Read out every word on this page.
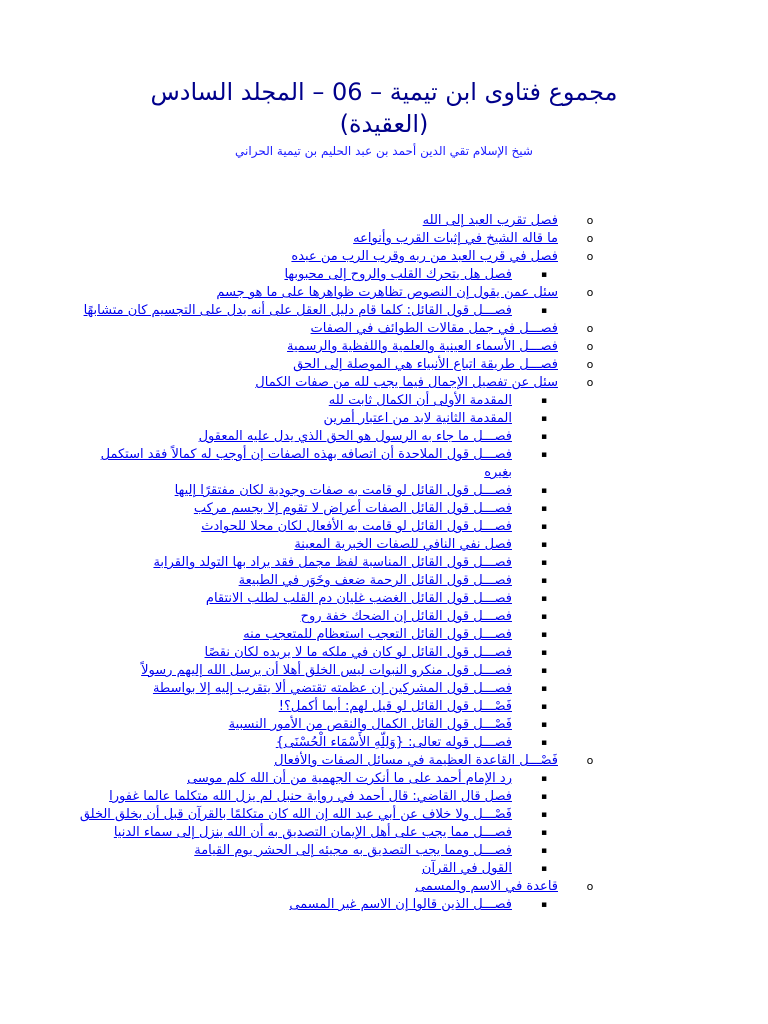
مجموع فتاوى ابن تيمية – 06 – المجلد السادس
(العقيدة)
شيخ الإسلام تقي الدين أحمد بن عبد الحليم بن تيمية الحراني
o فصل تقرب العبد إلى الله
o ما قاله الشيخ في إثبات القرب وأنواعه
o فصل في قرب العبد من ربه وقرب الرب من عبده
▪ فصل هل يتحرك القلب والروح إلى محبوبها
o سئل عمن يقول إن النصوص تظاهرت ظواهرها على ما هو جسم
▪ فصـــل قول القائل: كلما قام دليل العقل على أنه يدل على التجسيم كان متشابهًا
o فصـــل في جمل مقالات الطوائف في الصفات
o فصـــل الأسماء العينية والعلمية واللفظية والرسمية
o فصـــل طريقة اتباع الأنبياء هي الموصلة إلى الحق
o سئل عن تفصيل الإجمال فيما يجب لله من صفات الكمال
▪ المقدمة الأولى أن الكمال ثابت لله
▪ المقدمة الثانية لابد من اعتبار أمرين
▪ فصـــل ما جاء به الرسول هو الحق الذي يدل عليه المعقول
▪ فصـــل قول الملاحدة أن اتصافه بهذه الصفات إن أوجب له كمالاً فقد استكمل بغيره
▪ فصـــل قول القائل لو قامت به صفات وجودية لكان مفتقرًا إليها
▪ فصـــل قول القائل الصفات أعراض لا تقوم إلا بجسم مركب
▪ فصـــل قول القائل لو قامت به الأفعال لكان محلا للحوادث
▪ فصل نفي النافي للصفات الخبرية المعينة
▪ فصـــل قول القائل المناسبة لفظ مجمل فقد يراد بها التولد والقرابة
▪ فصـــل قول القائل الرحمة ضعف وخَوَر في الطبيعة
▪ فصـــل قول القائل الغضب غليان دم القلب لطلب الانتقام
▪ فصـــل قول القائل إن الضحك خفة روح
▪ فصـــل قول القائل التعجب استعظام للمتعجب منه
▪ فصـــل قول القائل لو كان في ملكه ما لا يريده لكان نقصًا
▪ فصـــل قول منكرو النبوات ليس الخلق أهلا أن يرسل الله إليهم رسولاً
▪ فصـــل قول المشركين إن عظمته تقتضي ألا يتقرب إليه إلا بواسطة
▪ فَصْـــل قول القائل لو قيل لهم: أيما أكمل؟!
▪ فَصْـــل قول القائل الكمال والنقص من الأمور النسبية
▪ فصـــل قوله تعالى: {وَلِلّهِ الأَسْمَاء الْحُسْنَى}
o فَصْـــل القاعدة العظيمة في مسائل الصفات والأفعال
▪ رد الإمام أحمد على ما أنكرت الجهمية من أن الله كلم موسى
▪ فصل قال القاضي: قال أحمد في رواية حنبل لم يزل الله متكلما عالما غفورا
▪ فَصْـــل ولا خلاف عن أبي عبد الله إن الله كان متكلمًا بالقرآن قبل أن يخلق الخلق
▪ فصـــل مما يجب على أهل الإيمان التصديق به أن الله ينزل إلى سماء الدنيا
▪ فصـــل ومما يجب التصديق به مجيئه إلى الحشر يوم القيامة
▪ القول في القرآن
o قاعدة في الاسم والمسمى
▪ فصـــل الذين قالوا إن الاسم غير المسمى
